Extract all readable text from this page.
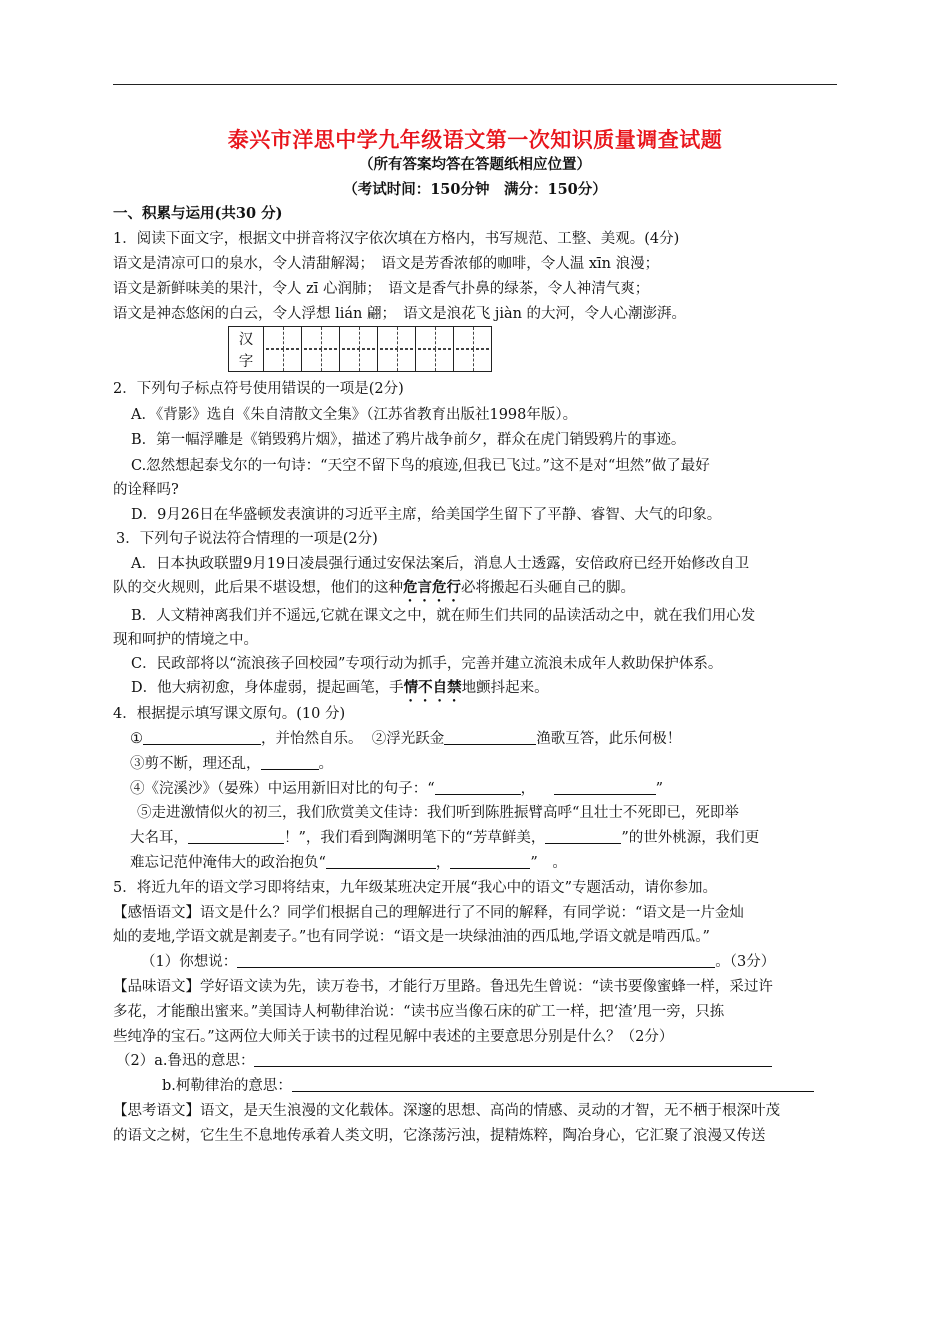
泰兴市洋思中学九年级语文第一次知识质量调查试题
（所有答案均答在答题纸相应位置）
（考试时间：150分钟　满分：150分）
一、积累与运用(共30 分)
1．阅读下面文字，根据文中拼音将汉字依次填在方格内，书写规范、工整、美观。(4分)
语文是清凉可口的泉水，令人清甜解渴；　语文是芳香浓郁的咖啡，令人温 xīn 浪漫；
语文是新鲜味美的果汁，令人 zī 心润肺；　语文是香气扑鼻的绿茶，令人神清气爽；
语文是神态悠闲的白云，令人浮想 lián 翩；　语文是浪花飞 jiàn 的大河，令人心潮澎湃。
汉						
字						
2．下列句子标点符号使用错误的一项是(2分)
A．《背影》选自《朱自清散文全集》（江苏省教育出版社1998年版）。
B．第一幅浮雕是《销毁鸦片烟》，描述了鸦片战争前夕，群众在虎门销毁鸦片的事迹。
C.忽然想起泰戈尔的一句诗：“天空不留下鸟的痕迹,但我已飞过。”这不是对“坦然”做了最好
的诠释吗?
D．9月26日在华盛顿发表演讲的习近平主席，给美国学生留下了平静、睿智、大气的印象。
3．下列句子说法符合情理的一项是(2分)
A．日本执政联盟9月19日凌晨强行通过安保法案后，消息人士透露，安倍政府已经开始修改自卫
队的交火规则，此后果不堪设想，他们的这种危言危行必将搬起石头砸自己的脚。
B．人文精神离我们并不遥远,它就在课文之中，就在师生们共同的品读活动之中，就在我们用心发
现和呵护的情境之中。
C．民政部将以“流浪孩子回校园”专项行动为抓手，完善并建立流浪未成年人救助保护体系。
D．他大病初愈，身体虚弱，提起画笔，手情不自禁地颤抖起来。
4．根据提示填写课文原句。(10 分)
①	，并怡然自乐。 ②浮光跃金	渔歌互答，此乐何极！
③剪不断，理还乱，	。
④《浣溪沙》（晏殊）中运用新旧对比的句子：“	，	”
⑤走进激情似火的初三，我们欣赏美文佳诗：我们听到陈胜振臂高呼“且壮士不死即已，死即举
大名耳，	！”，我们看到陶渊明笔下的“芳草鲜美，	”的世外桃源，我们更
难忘记范仲淹伟大的政治抱负“	，	”　。
5．将近九年的语文学习即将结束，九年级某班决定开展“我心中的语文”专题活动，请你参加。
【感悟语文】语文是什么？同学们根据自己的理解进行了不同的解释，有同学说：“语文是一片金灿
灿的麦地,学语文就是割麦子。”也有同学说：“语文是一块绿油油的西瓜地,学语文就是啃西瓜。”
（1）你想说：	。（3分）
【品味语文】学好语文读为先，读万卷书，才能行万里路。鲁迅先生曾说：“读书要像蜜蜂一样，采过许
多花，才能酿出蜜来。”美国诗人柯勒律治说：“读书应当像石床的矿工一样，把‘渣’甩一旁，只拣
些纯净的宝石。”这两位大师关于读书的过程见解中表述的主要意思分别是什么？（2分）
（2）a.鲁迅的意思：
b.柯勒律治的意思：
【思考语文】语文，是天生浪漫的文化载体。深邃的思想、高尚的情感、灵动的才智，无不栖于根深叶茂
的语文之树，它生生不息地传承着人类文明，它涤荡污浊，提精炼粹，陶冶身心，它汇聚了浪漫又传送
